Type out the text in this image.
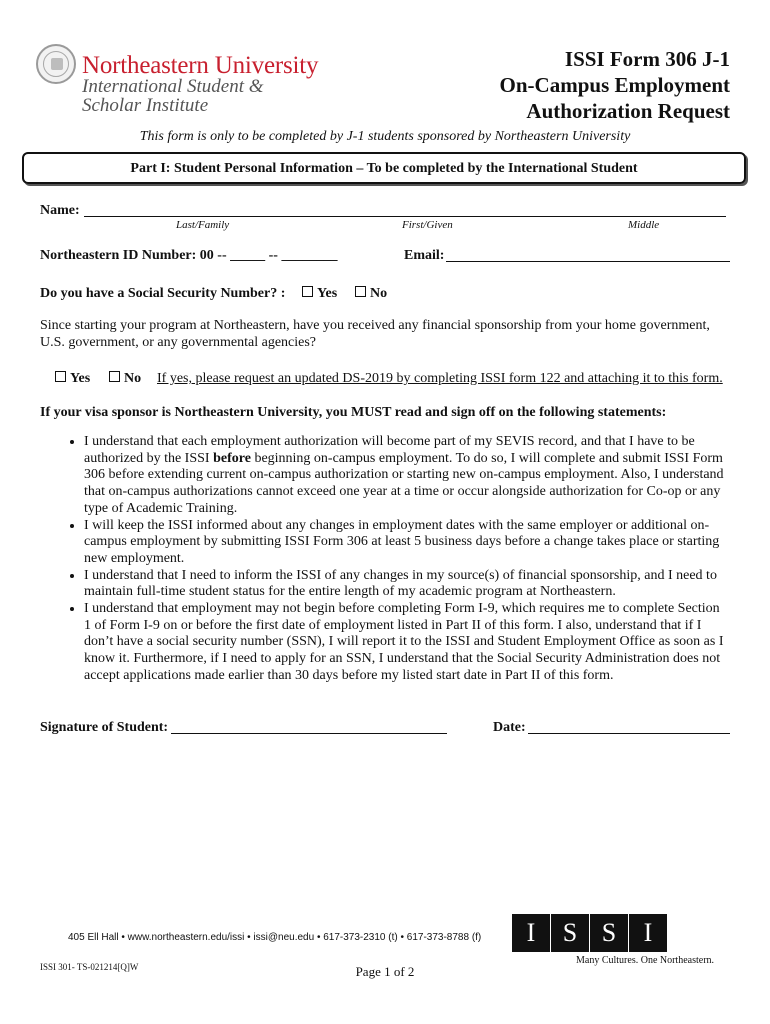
Northeastern University
International Student &
Scholar Institute
ISSI Form 306 J-1
On-Campus Employment
Authorization Request
This form is only to be completed by J-1 students sponsored by Northeastern University
Part I: Student Personal Information – To be completed by the International Student
Name:
Last/Family	First/Given	Middle
Northeastern ID Number: 00 -- _____ -- ________	Email:
Do you have a Social Security Number? :	Yes	No
Since starting your program at Northeastern, have you received any financial sponsorship from your home government, U.S. government, or any governmental agencies?
Yes	No If yes, please request an updated DS-2019 by completing ISSI form 122 and attaching it to this form.
If your visa sponsor is Northeastern University, you MUST read and sign off on the following statements:
• I understand that each employment authorization will become part of my SEVIS record, and that I have to be authorized by the ISSI before beginning on-campus employment. To do so, I will complete and submit ISSI Form 306 before extending current on-campus authorization or starting new on-campus employment. Also, I understand that on-campus authorizations cannot exceed one year at a time or occur alongside authorization for Co-op or any type of Academic Training.
• I will keep the ISSI informed about any changes in employment dates with the same employer or additional on-campus employment by submitting ISSI Form 306 at least 5 business days before a change takes place or starting new employment.
• I understand that I need to inform the ISSI of any changes in my source(s) of financial sponsorship, and I need to maintain full-time student status for the entire length of my academic program at Northeastern.
• I understand that employment may not begin before completing Form I-9, which requires me to complete Section 1 of Form I-9 on or before the first date of employment listed in Part II of this form. I also, understand that if I don’t have a social security number (SSN), I will report it to the ISSI and Student Employment Office as soon as I know it. Furthermore, if I need to apply for an SSN, I understand that the Social Security Administration does not accept applications made earlier than 30 days before my listed start date in Part II of this form.
Signature of Student:	Date:
405 Ell Hall • www.northeastern.edu/issi • issi@neu.edu • 617-373-2310 (t) • 617-373-8788 (f)
ISSI 301- TS-021214[Q]W	Page 1 of 2
I S S I
Many Cultures. One Northeastern.
